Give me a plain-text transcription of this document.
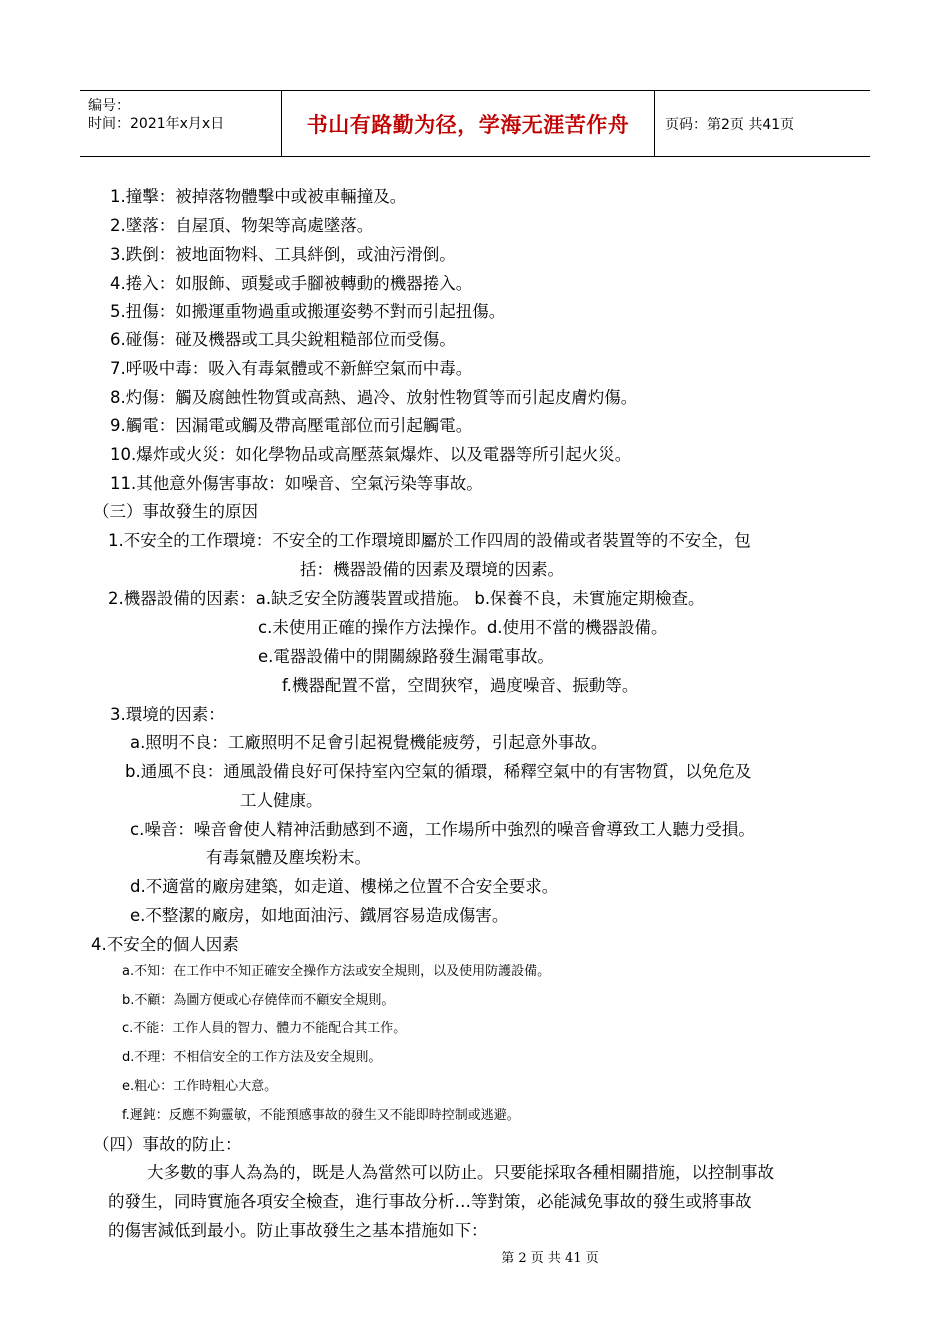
编号：
时间：2021年x月x日	书山有路勤为径，学海无涯苦作舟	页码：第2页 共41页
1.撞擊：被掉落物體擊中或被車輛撞及。
2.墜落：自屋頂、物架等高處墜落。
3.跌倒：被地面物料、工具絆倒，或油污滑倒。
4.捲入：如服飾、頭髮或手腳被轉動的機器捲入。
5.扭傷：如搬運重物過重或搬運姿勢不對而引起扭傷。
6.碰傷：碰及機器或工具尖銳粗糙部位而受傷。
7.呼吸中毒：吸入有毒氣體或不新鮮空氣而中毒。
8.灼傷：觸及腐蝕性物質或高熱、過冷、放射性物質等而引起皮膚灼傷。
9.觸電：因漏電或觸及帶高壓電部位而引起觸電。
10.爆炸或火災：如化學物品或高壓蒸氣爆炸、以及電器等所引起火災。
11.其他意外傷害事故：如噪音、空氣污染等事故。
（三）事故發生的原因
1.不安全的工作環境：不安全的工作環境即屬於工作四周的設備或者裝置等的不安全，包
括：機器設備的因素及環境的因素。
2.機器設備的因素：a.缺乏安全防護裝置或措施。 b.保養不良，未實施定期檢查。
c.未使用正確的操作方法操作。d.使用不當的機器設備。
e.電器設備中的開關線路發生漏電事故。
f.機器配置不當，空間狹窄，過度噪音、振動等。
3.環境的因素：
a.照明不良：工廠照明不足會引起視覺機能疲勞，引起意外事故。
b.通風不良：通風設備良好可保持室內空氣的循環，稀釋空氣中的有害物質，以免危及
工人健康。
c.噪音：噪音會使人精神活動感到不適，工作場所中強烈的噪音會導致工人聽力受損。
有毒氣體及塵埃粉末。
d.不適當的廠房建築，如走道、樓梯之位置不合安全要求。
e.不整潔的廠房，如地面油污、鐵屑容易造成傷害。
4.不安全的個人因素
a.不知：在工作中不知正確安全操作方法或安全規則，以及使用防護設備。
b.不顧：為圖方便或心存僥倖而不顧安全規則。
c.不能：工作人員的智力、體力不能配合其工作。
d.不理：不相信安全的工作方法及安全規則。
e.粗心：工作時粗心大意。
f.遲鈍：反應不夠靈敏，不能預感事故的發生又不能即時控制或逃避。
（四）事故的防止：
大多數的事人為為的，既是人為當然可以防止。只要能採取各種相關措施，以控制事故
的發生，同時實施各項安全檢查，進行事故分析…等對策，必能減免事故的發生或將事故
的傷害減低到最小。防止事故發生之基本措施如下：
第 2 页 共 41 页
